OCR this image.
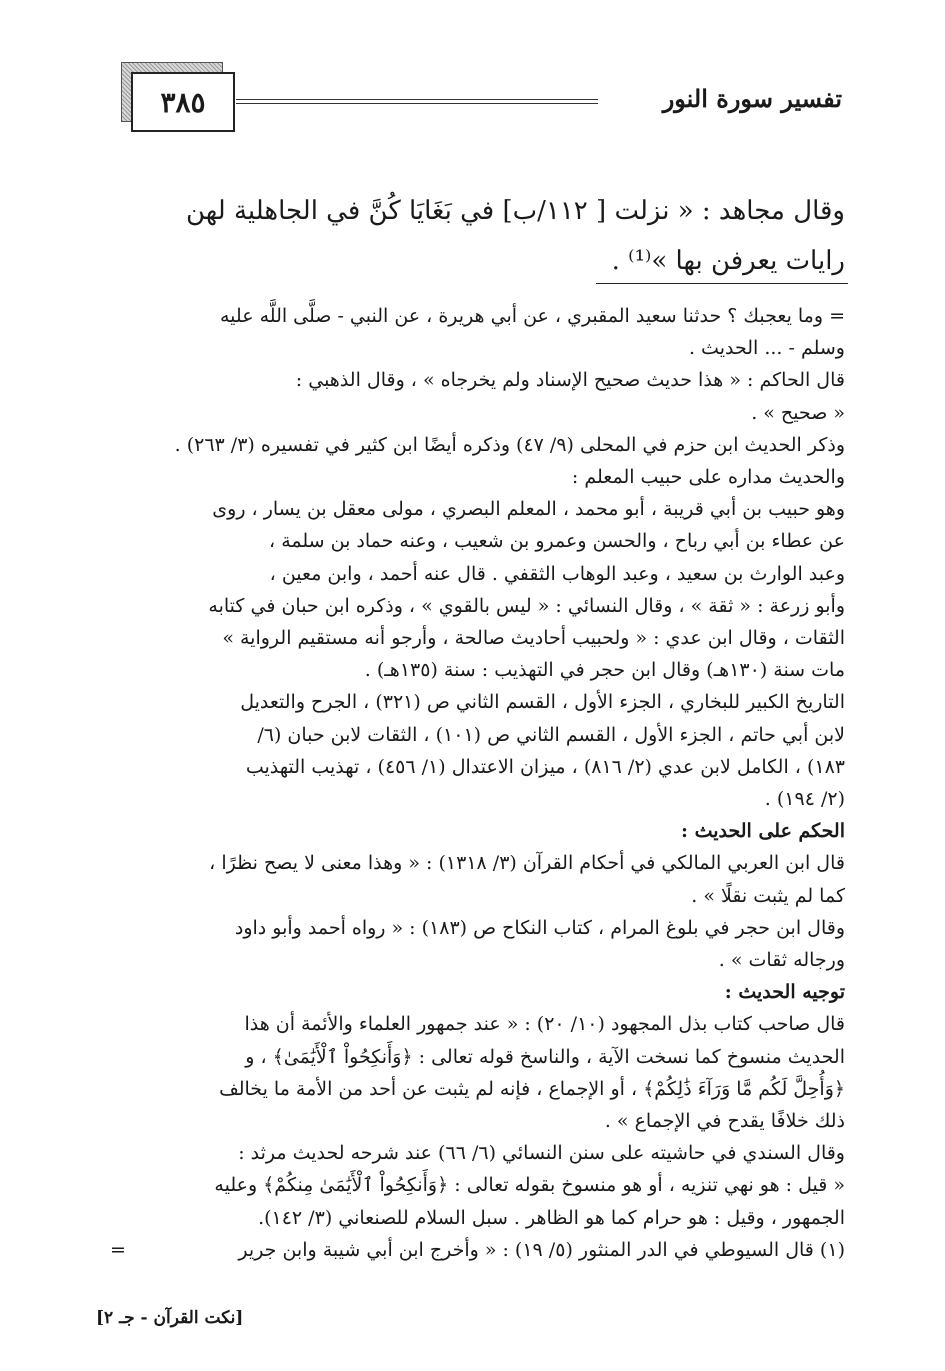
٣٨٥	تفسير سورة النور
وقال مجاهد : « نزلت [ ١١٢/ب] في بَغَايَا كُنَّ في الجاهلية لهن
رايات يعرفن بها »⁽¹⁾ .

= وما يعجبك ؟ حدثنا سعيد المقبري ، عن أبي هريرة ، عن النبي - صلَّى اللَّه عليه

وسلم - ... الحديث .

قال الحاكم : « هذا حديث صحيح الإسناد ولم يخرجاه » ، وقال الذهبي :

« صحيح » .

وذكر الحديث ابن حزم في المحلى (٩/ ٤٧) وذكره أيضًا ابن كثير في تفسيره (٣/ ٢٦٣) .

والحديث مداره على حبيب المعلم :

وهو حبيب بن أبي قريبة ، أبو محمد ، المعلم البصري ، مولى معقل بن يسار ، روى

عن عطاء بن أبي رباح ، والحسن وعمرو بن شعيب ، وعنه حماد بن سلمة ،

وعبد الوارث بن سعيد ، وعبد الوهاب الثقفي . قال عنه أحمد ، وابن معين ،

وأبو زرعة : « ثقة » ، وقال النسائي : « ليس بالقوي » ، وذكره ابن حبان في كتابه

الثقات ، وقال ابن عدي : « ولحبيب أحاديث صالحة ، وأرجو أنه مستقيم الرواية »

مات سنة (١٣٠هـ) وقال ابن حجر في التهذيب : سنة (١٣٥هـ) .

التاريخ الكبير للبخاري ، الجزء الأول ، القسم الثاني ص (٣٢١) ، الجرح والتعديل

لابن أبي حاتم ، الجزء الأول ، القسم الثاني ص (١٠١) ، الثقات لابن حبان (٦/

١٨٣) ، الكامل لابن عدي (٢/ ٨١٦) ، ميزان الاعتدال (١/ ٤٥٦) ، تهذيب التهذيب

(٢/ ١٩٤) .

الحكم على الحديث :

قال ابن العربي المالكي في أحكام القرآن (٣/ ١٣١٨) : « وهذا معنى لا يصح نظرًا ،

كما لم يثبت نقلًا » .

وقال ابن حجر في بلوغ المرام ، كتاب النكاح ص (١٨٣) : « رواه أحمد وأبو داود

ورجاله ثقات » .

توجيه الحديث :

قال صاحب كتاب بذل المجهود (١٠/ ٢٠) : « عند جمهور العلماء والأئمة أن هذا

الحديث منسوخ كما نسخت الآية ، والناسخ قوله تعالى : ﴿وَأَنكِحُواْ ٱلْأَيَٰمَىٰ﴾ ، و

﴿وَأُحِلَّ لَكُم مَّا وَرَآءَ ذَٰلِكُمْ﴾ ، أو الإجماع ، فإنه لم يثبت عن أحد من الأمة ما يخالف

ذلك خلافًا يقدح في الإجماع » .

وقال السندي في حاشيته على سنن النسائي (٦/ ٦٦) عند شرحه لحديث مرثد :

« قيل : هو نهي تنزيه ، أو هو منسوخ بقوله تعالى : ﴿وَأَنكِحُواْ ٱلْأَيَٰمَىٰ مِنكُمْ﴾ وعليه

الجمهور ، وقيل : هو حرام كما هو الظاهر . سبل السلام للصنعاني (٣/ ١٤٢).

(١) قال السيوطي في الدر المنثور (٥/ ١٩) : « وأخرج ابن أبي شيبة وابن جرير
=
[نكت القرآن - جـ ٢]
